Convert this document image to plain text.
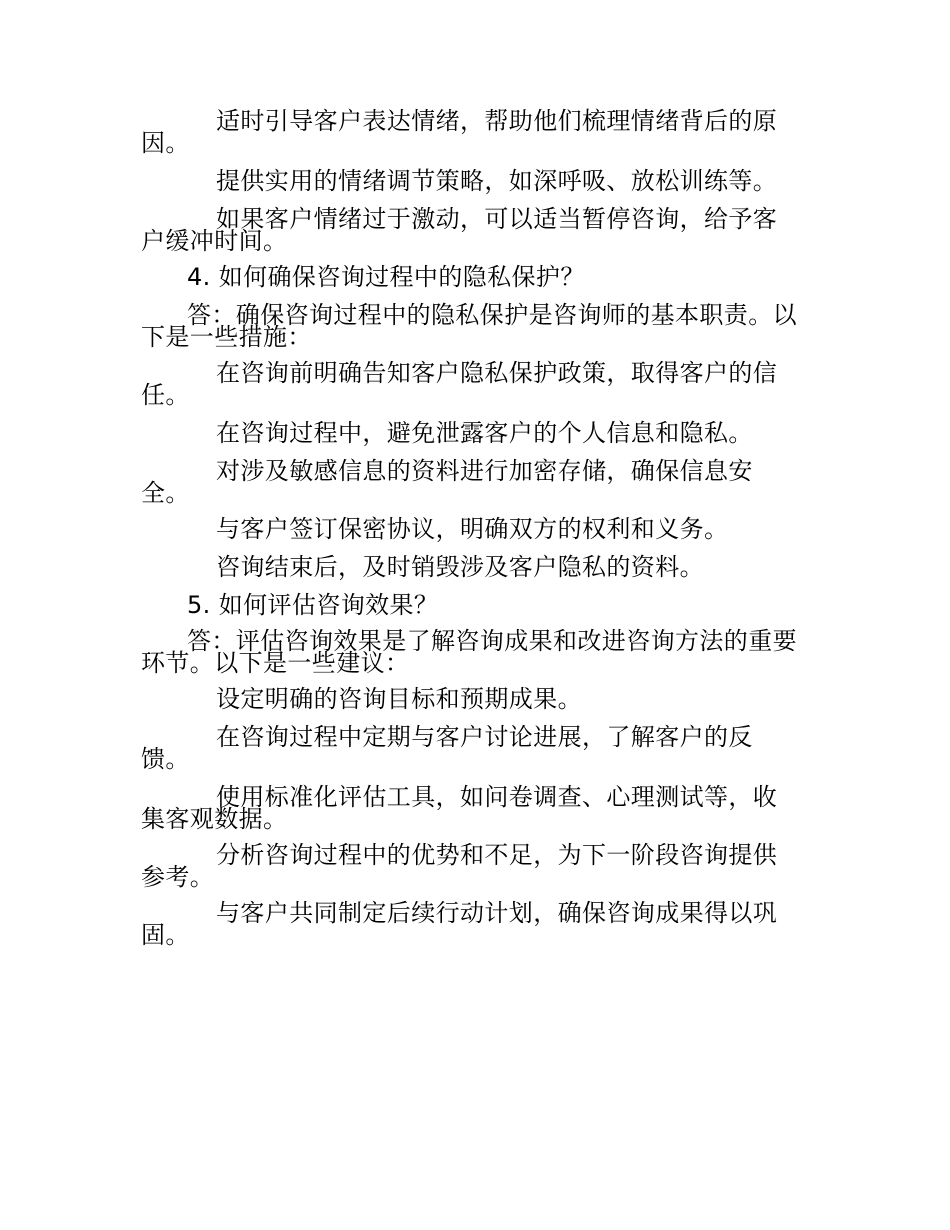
适时引导客户表达情绪，帮助他们梳理情绪背后的原因。

提供实用的情绪调节策略，如深呼吸、放松训练等。

如果客户情绪过于激动，可以适当暂停咨询，给予客户缓冲时间。

4. 如何确保咨询过程中的隐私保护？

答：确保咨询过程中的隐私保护是咨询师的基本职责。以下是一些措施：

在咨询前明确告知客户隐私保护政策，取得客户的信任。

在咨询过程中，避免泄露客户的个人信息和隐私。

对涉及敏感信息的资料进行加密存储，确保信息安全。

与客户签订保密协议，明确双方的权利和义务。

咨询结束后，及时销毁涉及客户隐私的资料。

5. 如何评估咨询效果？

答：评估咨询效果是了解咨询成果和改进咨询方法的重要环节。以下是一些建议：

设定明确的咨询目标和预期成果。

在咨询过程中定期与客户讨论进展，了解客户的反馈。

使用标准化评估工具，如问卷调查、心理测试等，收集客观数据。

分析咨询过程中的优势和不足，为下一阶段咨询提供参考。

与客户共同制定后续行动计划，确保咨询成果得以巩固。
